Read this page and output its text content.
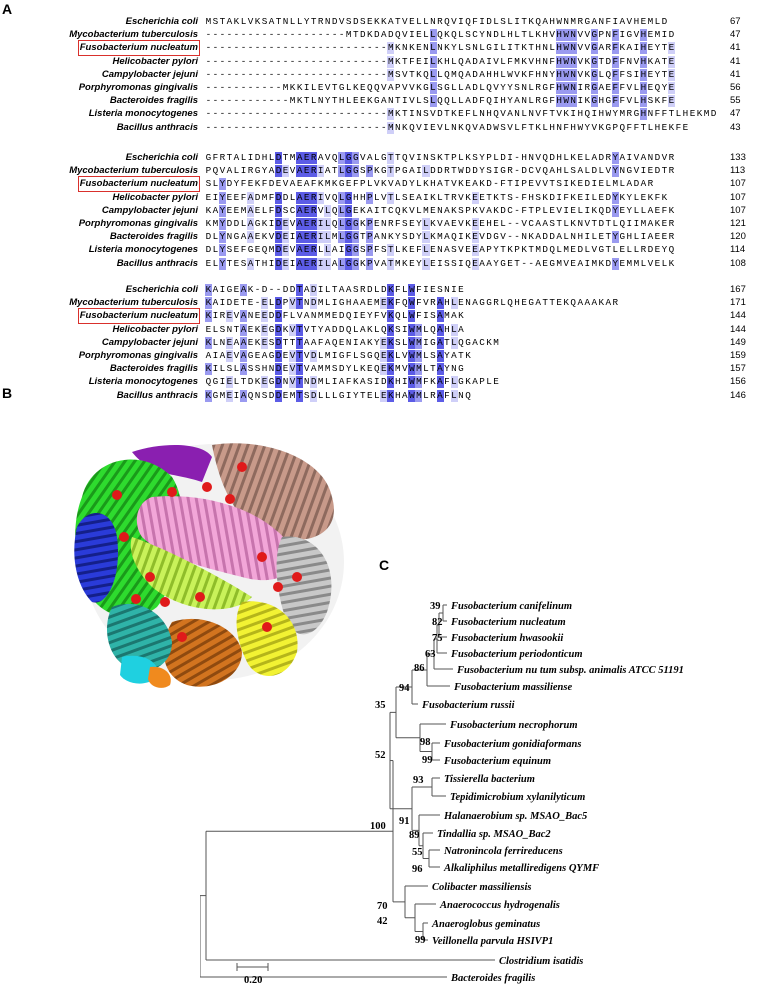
A
B
C
Escherichia coli MSTAKLVKSATNLLYTRNDVSDSEKKATVELLNRQVIQFIDLSLITKQAHWNMRGANFIAVHEMLD	67
Mycobacterium tuberculosis --------------------MTDKDADQVIELLQKQLSCYNDLHLTLKHVHWNVVGPNFIGVHEMID	47
Fusobacterium nucleatum --------------------------MKNKENLNKYLSNLGILITKTHNLHWNVVGARFKAIHEYTE	41
Helicobacter pylori --------------------------MKTFEILKHLQADAIVLFMKVHNFHWNVKGTDFFNVHKATE	41
Campylobacter jejuni --------------------------MSVTKQLLQMQADAHHLWVKFHNYHWNVKGLQFFSIHEYTE	41
Porphyromonas gingivalis -----------MKKILEVTGLKEQQVAPVVKGLSGLLADLQVYYSNLRGFHWNIRGAEFFVLHEQYE	56
Bacteroides fragilis ------------MKTLNYTHLEEKGANTIVLSLQQLLADFQIHYANLRGFHWNIKGHGFFVLHSKFE	55
Listeria monocytogenes --------------------------MKTINSVDTKEFLNHQVANLNVFTVKIHQIHWYMRGHNFFTLHEKMD 47
Bacillus anthracis --------------------------MNKQVIEVLNKQVADWSVLFTKLHNFHWYVKGPQFFTLHEKFE	43
Escherichia coli GFRTALIDHLDTMAERAVQLGGVALGTTQVINSKTPLKSYPLDI-HNVQDHLKELADRYAIVANDVR	133
Mycobacterium tuberculosis PQVALIRGYADEVAERIATLGGSPKGTPGAILDDRTWDDYSIGR-DCVQAHLSALDLVYNGVIEDTR	113
Fusobacterium nucleatum SLYDYFEKFDEVAEAFKMKGEFPLVKVADYLKHATVKEAKD-FTIPEVVTSIKEDIELMLADAR	107
Helicobacter pylori EIYEEFADMFDDLAERIVQLGHHPLVTLSEAIKLTRVKEETKTS-FHSKDIFKEILEDYKYLEKFK	107
Campylobacter jejuni KAYEEMAELFDSCAERVLQLGEKAITCQKVLMENAKSPKVAKDC-FTPLEVIELIKQDYEYLLAEFK	107
Porphyromonas gingivalis KMYDDLAGKIDEVAERILQLGGKPENRFSEYLKVAEVKEEHEL--VCAASTLKNVTDTLQIIMAKER	121
Bacteroides fragilis DLYNGAAEKVDEIAERILMLGGTPANKYSDYLKMAQIKEVDGV--NKADDALNHILETYGHLIAEER	120
Listeria monocytogenes DLYSEFGEQMDEVAERLLAIGGSPFSTLKEFLENASVEEAPYTKPKTMDQLMEDLVGTLELLRDEYQ	114
Bacillus anthracis ELYTESATHIDEIAERILALGGKPVATMKEYLEISSIQEAAYGET--AEGMVEAIMKDYEMMLVELK	108
Escherichia coli KAIGEAK-D--DDTADILTAASRDLDKFLWFIESNIE	167
Mycobacterium tuberculosis KAIDETE-ELDPVTNDMLIGHAAEMEKFQWFVRAHLENAGGRLQHEGATTEKQAAAKAR	171
Fusobacterium nucleatum KIREVANEEDDFLVANMMEDQIEYFVKQLWFISAMAK	144
Helicobacter pylori ELSNTAEKEGDKVTVTYADDQLAKLQKSIWMLQAHLA	144
Campylobacter jejuni KLNEAAEKESDTTTAAFAQENIAKYEKSLWMIGATLQGACKM	149
Porphyromonas gingivalis AIAEVAGEAGDEVTVDLMIGFLSGQEKLVWMLSAYATK	159
Bacteroides fragilis KILSLASSHNDEVTVAMMSDYLKEQEKMVWMLTAYNG	157
Listeria monocytogenes QGIELTDKEGDNVTNDMLIAFKASIDKHIWMFKAFLGKAPLE	156
Bacillus anthracis KGMEIAQNSDDEMTSDLLLGIYTELEKHAWMLRAFLNQ	146
Fusobacterium canifelinum
Fusobacterium nucleatum
Fusobacterium hwasookii
Fusobacterium periodonticum
Fusobacterium nu tum subsp. animalis ATCC 51191
Fusobacterium massiliense
Fusobacterium russii
Fusobacterium necrophorum
Fusobacterium gonidiaformans
Fusobacterium equinum
Tissierella bacterium
Tepidimicrobium xylanilyticum
Halanaerobium sp. MSAO_Bac5
Tindallia sp. MSAO_Bac2
Natronincola ferrireducens
Alkaliphilus metalliredigens QYMF
Colibacter massiliensis
Anaerococcus hydrogenalis
Anaeroglobus geminatus
Veillonella parvula HSIVP1
Clostridium isatidis
Bacteroides fragilis
39
82
75
63
86
94
35
98
99
52
93
91
89
55
96
100
70
42
99
0.20
